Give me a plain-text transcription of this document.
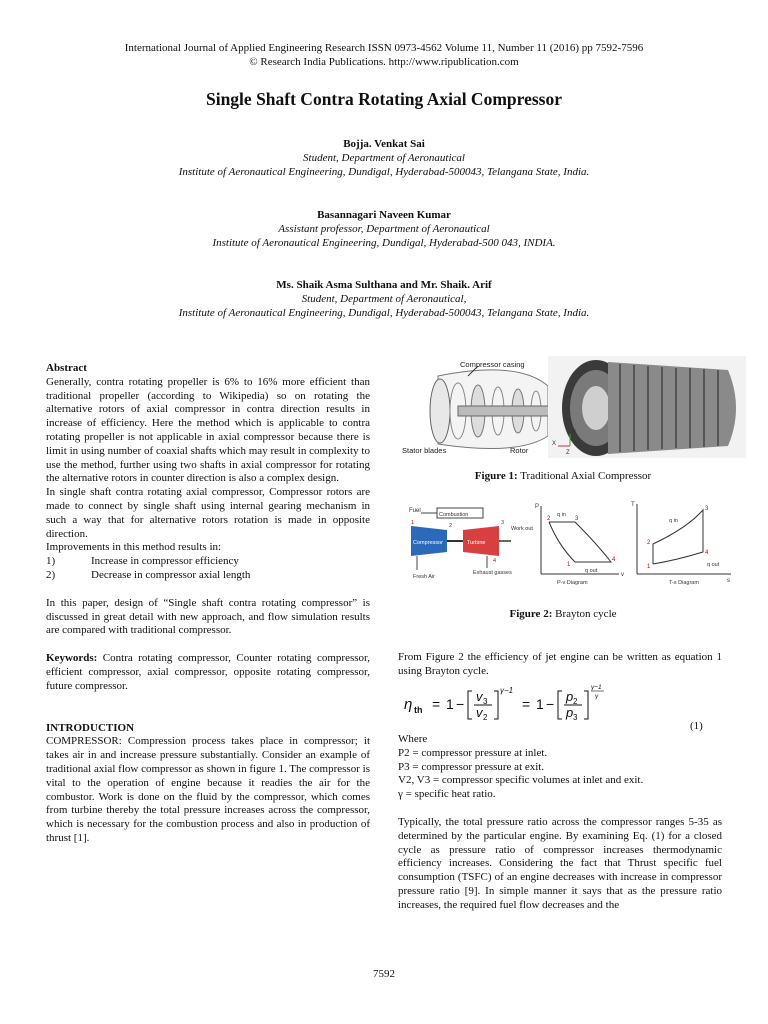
International Journal of Applied Engineering Research ISSN 0973-4562 Volume 11, Number 11 (2016) pp 7592-7596
© Research India Publications. http://www.ripublication.com
Single Shaft Contra Rotating Axial Compressor
Bojja. Venkat Sai
Student, Department of Aeronautical
Institute of Aeronautical Engineering, Dundigal, Hyderabad-500043, Telangana State, India.
Basannagari Naveen Kumar
Assistant professor, Department of Aeronautical
Institute of Aeronautical Engineering, Dundigal, Hyderabad-500 043, INDIA.
Ms. Shaik Asma Sulthana and Mr. Shaik. Arif
Student, Department of Aeronautical,
Institute of Aeronautical Engineering, Dundigal, Hyderabad-500043, Telangana State, India.

Abstract

Generally, contra rotating propeller is 6% to 16% more efficient than traditional propeller (according to Wikipedia) so on rotating the alternative rotors of axial compressor in contra direction results in increase of efficiency. Here the method which is applicable to contra rotating propeller is not applicable in axial compressor because there is limit in using number of coaxial shafts which may result in complexity to use the method, further using two shafts in axial compressor for rotating the alternative rotors in counter direction is also a complex design.

In single shaft contra rotating axial compressor, Compressor rotors are made to connect by single shaft using internal gearing mechanism in such a way that for alternative rotors rotation is made in opposite direction.

Improvements in this method results in:

1)	Increase in compressor efficiency
2)	Decrease in compressor axial length

In this paper, design of “Single shaft contra rotating compressor” is discussed in great detail with new approach, and flow simulation results are compared with traditional compressor.

Keywords: Contra rotating compressor, Counter rotating compressor, efficient compressor, axial compressor, opposite rotating compressor, future compressor.

INTRODUCTION

COMPRESSOR: Compression process takes place in compressor; it takes air in and increase pressure substantially. Consider an example of traditional axial flow compressor as shown in figure 1. The compressor is vital to the operation of engine because it readies the air for the combustor. Work is done on the fluid by the compressor, which comes from turbine thereby the total pressure increases across the compressor, which is necessary for the combustion process and also in production of thrust [1].

Compressor casing
Stator blades	Rotor
X
Y
Z
Figure 1: Traditional Axial Compressor
Fuel
Combustion
Compressor	Turbine
Work out
Fresh Air
Exhaust gasses
1	2	3
4
P
v
2	3
4
1
q in
q out
P-v Diagram
T
s
1
2
3
4
q in
q out
T-s Diagram
Figure 2: Brayton cycle

From Figure 2 the efficiency of jet engine can be written as equation 1 using Brayton cycle.

η th = 1 − v 3
v 2
γ−1
= 1 − p 2
p 3
γ−1
γ
(1)

Where

P2 = compressor pressure at inlet.

P3 = compressor pressure at exit.

V2, V3 = compressor specific volumes at inlet and exit.

γ = specific heat ratio.

Typically, the total pressure ratio across the compressor ranges 5-35 as determined by the particular engine. By examining Eq. (1) for a closed cycle as pressure ratio of compressor increases thermodynamic efficiency increases. Considering the fact that Thrust specific fuel consumption (TSFC) of an engine decreases with increase in compressor pressure ratio [9]. In simple manner it says that as the pressure ratio increases, the required fuel flow decreases and the

7592
